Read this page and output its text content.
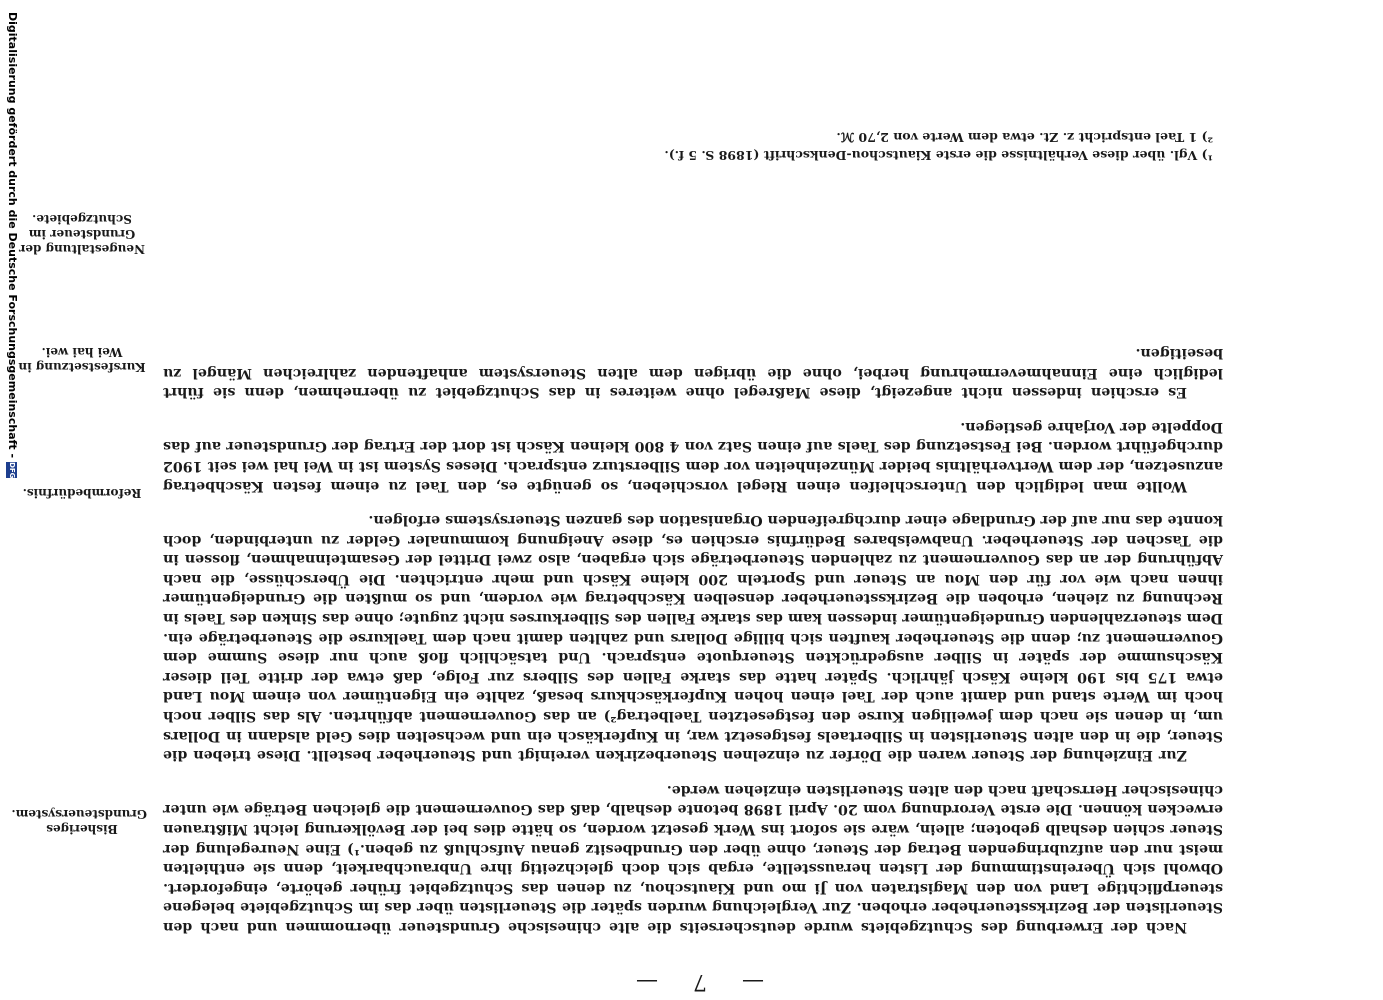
Digitalisierung gefördert durch die Deutsche Forschungsgemeinschaft -DFG
— 7 —

Nach der Erwerbung des Schutzgebiets wurde deutscherseits die alte chinesische Grundsteuer übernommen und nach den Steuerlisten der Bezirkssteuerheber erhoben. Zur Vergleichung wurden später die Steuerlisten über das im Schutzgebiete belegene steuerpflichtige Land von den Magistraten von Ji mo und Kiautschou, zu denen das Schutzgebiet früher gehörte, eingefordert. Obwohl sich Übereinstimmung der Listen herausstellte, ergab sich doch gleichzeitig ihre Unbrauchbarkeit, denn sie enthielten meist nur den aufzubringenden Betrag der Steuer, ohne über den Grundbesitz genau Aufschluß zu geben.¹) Eine Neuregelung der Steuer schien deshalb geboten; allein, wäre sie sofort ins Werk gesetzt worden, so hätte dies bei der Bevölkerung leicht Mißtrauen erwecken können. Die erste Verordnung vom 20. April 1898 betonte deshalb, daß das Gouvernement die gleichen Beträge wie unter chinesischer Herrschaft nach den alten Steuerlisten einziehen werde.

Zur Einziehung der Steuer waren die Dörfer zu einzelnen Steuerbezirken vereinigt und Steuerheber bestellt. Diese trieben die Steuer, die in den alten Steuerlisten in Silbertaels festgesetzt war, in Kupferkäsch ein und wechselten dies Geld alsdann in Dollars um, in denen sie nach dem jeweiligen Kurse den festgesetzten Taelbetrag²) an das Gouvernement abführten. Als das Silber noch hoch im Werte stand und damit auch der Tael einen hohen Kupferkäschkurs besaß, zahlte ein Eigentümer von einem Mou Land etwa 175 bis 190 kleine Käsch jährlich. Später hatte das starke Fallen des Silbers zur Folge, daß etwa der dritte Teil dieser Käschsumme der später in Silber ausgedrückten Steuerquote entsprach. Und tatsächlich floß auch nur diese Summe dem Gouvernement zu; denn die Steuerheber kauften sich billige Dollars und zahlten damit nach dem Taelkurse die Steuerbeträge ein. Dem steuerzahlenden Grundeigentümer indessen kam das starke Fallen des Silberkurses nicht zugute; ohne das Sinken des Taels in Rechnung zu ziehen, erhoben die Bezirkssteuerheber denselben Käschbetrag wie vordem, und so mußten die Grundeigentümer ihnen nach wie vor für den Mou an Steuer und Sporteln 200 kleine Käsch und mehr entrichten. Die Überschüsse, die nach Abführung der an das Gouvernement zu zahlenden Steuerbeträge sich ergaben, also zwei Drittel der Gesamteinnahmen, flossen in die Taschen der Steuerheber. Unabweisbares Bedürfnis erschien es, diese Aneignung kommunaler Gelder zu unterbinden, doch konnte das nur auf der Grundlage einer durchgreifenden Organisation des ganzen Steuersystems erfolgen.

Wollte man lediglich den Unterschleifen einen Riegel vorschieben, so genügte es, den Tael zu einem festen Käschbetrag anzusetzen, der dem Wertverhältnis beider Münzeinheiten vor dem Silbersturz entsprach. Dieses System ist in Wei hai wei seit 1902 durchgeführt worden. Bei Festsetzung des Taels auf einen Satz von 4 800 kleinen Käsch ist dort der Ertrag der Grundsteuer auf das Doppelte der Vorjahre gestiegen.

Es erschien indessen nicht angezeigt, diese Maßregel ohne weiteres in das Schutzgebiet zu übernehmen, denn sie führt lediglich eine Einnahmevermehrung herbei, ohne die übrigen dem alten Steuersystem anhaftenden zahlreichen Mängel zu beseitigen.

¹) Vgl. über diese Verhältnisse die erste Kiautschou-Denkschrift (1898 S. 5 f.).

²) 1 Tael entspricht z. Zt. etwa dem Werte von 2,70 ℳ.

Bisheriges Grundsteuersystem.
Reformbedürfnis.
Kursfestsetzung in Wei hai wei.
Neugestaltung der Grundsteuer im Schutzgebiete.
